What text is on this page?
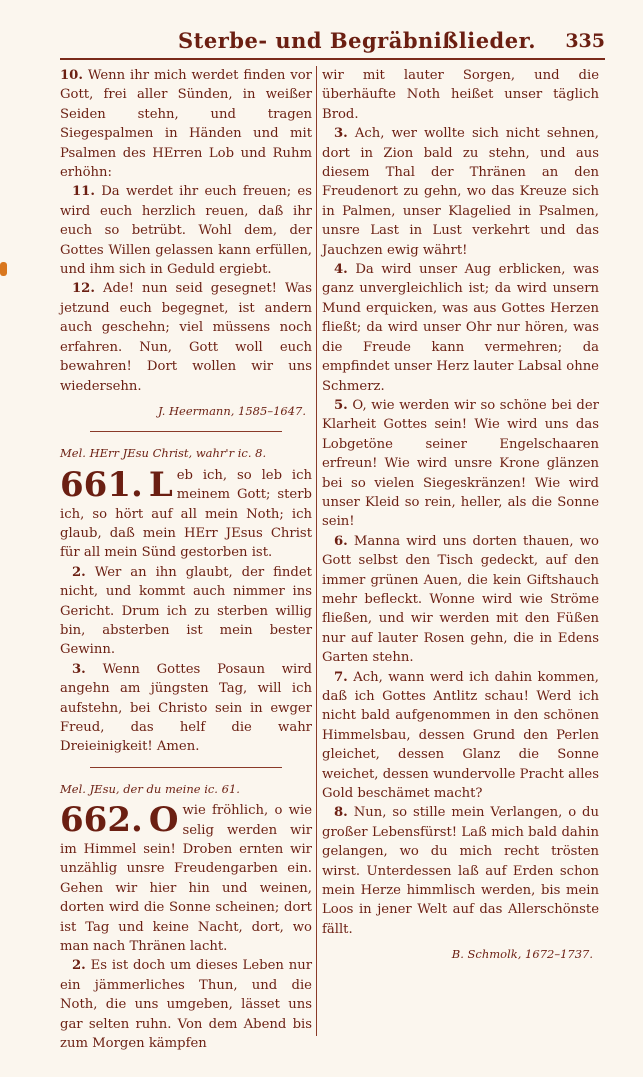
Sterbe- und Begräbnißlieder. 335

10. Wenn ihr mich werdet finden vor Gott, frei aller Sünden, in weißer Seiden stehn, und tragen Siegespalmen in Händen und mit Psalmen des HErren Lob und Ruhm erhöhn:

11. Da werdet ihr euch freuen; es wird euch herzlich reuen, daß ihr euch so betrübt. Wohl dem, der Gottes Willen gelassen kann erfüllen, und ihm sich in Geduld ergiebt.

12. Ade! nun seid gesegnet! Was jetzund euch begegnet, ist andern auch geschehn; viel müssens noch erfahren. Nun, Gott woll euch bewahren! Dort wollen wir uns wiedersehn.

J. Heermann, 1585–1647.

Mel. HErr JEsu Christ, wahr'r ic. 8.

661. L eb ich, so leb ich meinem Gott; sterb ich, so hört auf all mein Noth; ich glaub, daß mein HErr JEsus Christ für all mein Sünd gestorben ist.

2. Wer an ihn glaubt, der findet nicht, und kommt auch nimmer ins Gericht. Drum ich zu sterben willig bin, absterben ist mein bester Gewinn.

3. Wenn Gottes Posaun wird angehn am jüngsten Tag, will ich aufstehn, bei Christo sein in ewger Freud, das helf die wahr Dreieinigkeit! Amen.

Mel. JEsu, der du meine ic. 61.

662. O wie fröhlich, o wie selig werden wir im Himmel sein! Droben ernten wir unzählig unsre Freudengarben ein. Gehen wir hier hin und weinen, dorten wird die Sonne scheinen; dort ist Tag und keine Nacht, dort, wo man nach Thränen lacht.

2. Es ist doch um dieses Leben nur ein jämmerliches Thun, und die Noth, die uns umgeben, lässet uns gar selten ruhn. Von dem Abend bis zum Morgen kämpfen

wir mit lauter Sorgen, und die überhäufte Noth heißet unser täglich Brod.

3. Ach, wer wollte sich nicht sehnen, dort in Zion bald zu stehn, und aus diesem Thal der Thränen an den Freudenort zu gehn, wo das Kreuze sich in Palmen, unser Klagelied in Psalmen, unsre Last in Lust verkehrt und das Jauchzen ewig währt!

4. Da wird unser Aug erblicken, was ganz unvergleichlich ist; da wird unsern Mund erquicken, was aus Gottes Herzen fließt; da wird unser Ohr nur hören, was die Freude kann vermehren; da empfindet unser Herz lauter Labsal ohne Schmerz.

5. O, wie werden wir so schöne bei der Klarheit Gottes sein! Wie wird uns das Lobgetöne seiner Engelschaaren erfreun! Wie wird unsre Krone glänzen bei so vielen Siegeskränzen! Wie wird unser Kleid so rein, heller, als die Sonne sein!

6. Manna wird uns dorten thauen, wo Gott selbst den Tisch gedeckt, auf den immer grünen Auen, die kein Giftshauch mehr befleckt. Wonne wird wie Ströme fließen, und wir werden mit den Füßen nur auf lauter Rosen gehn, die in Edens Garten stehn.

7. Ach, wann werd ich dahin kommen, daß ich Gottes Antlitz schau! Werd ich nicht bald aufgenommen in den schönen Himmelsbau, dessen Grund den Perlen gleichet, dessen Glanz die Sonne weichet, dessen wundervolle Pracht alles Gold beschämet macht?

8. Nun, so stille mein Verlangen, o du großer Lebensfürst! Laß mich bald dahin gelangen, wo du mich recht trösten wirst. Unterdessen laß auf Erden schon mein Herze himmlisch werden, bis mein Loos in jener Welt auf das Allerschönste fällt.

B. Schmolk, 1672–1737.
